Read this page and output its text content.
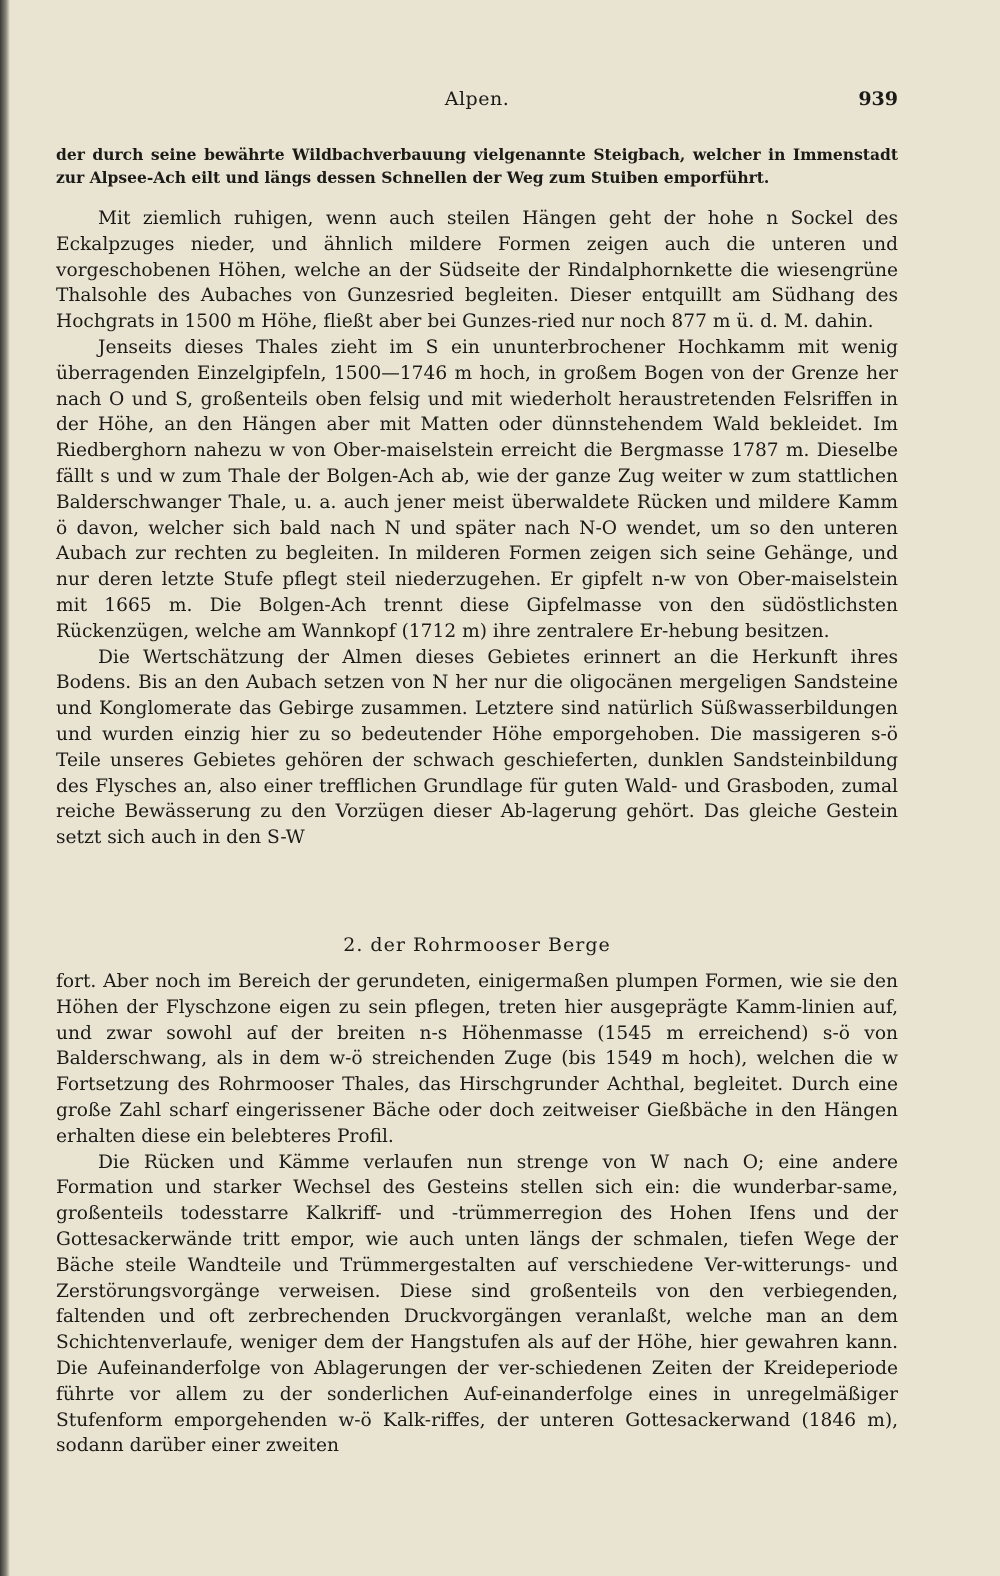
Alpen.	939
der durch seine bewährte Wildbachverbauung vielgenannte Steigbach, welcher in Immenstadt zur Alpsee-Ach eilt und längs dessen Schnellen der Weg zum Stuiben emporführt.

Mit ziemlich ruhigen, wenn auch steilen Hängen geht der hohe n Sockel des Eckalpzuges nieder, und ähnlich mildere Formen zeigen auch die unteren und vorgeschobenen Höhen, welche an der Südseite der Rindalphornkette die wiesengrüne Thalsohle des Aubaches von Gunzesried begleiten. Dieser entquillt am Südhang des Hochgrats in 1500 m Höhe, fließt aber bei Gunzes-ried nur noch 877 m ü. d. M. dahin.

Jenseits dieses Thales zieht im S ein ununterbrochener Hochkamm mit wenig überragenden Einzelgipfeln, 1500—1746 m hoch, in großem Bogen von der Grenze her nach O und S, großenteils oben felsig und mit wiederholt heraustretenden Felsriffen in der Höhe, an den Hängen aber mit Matten oder dünnstehendem Wald bekleidet. Im Riedberghorn nahezu w von Ober-maiselstein erreicht die Bergmasse 1787 m. Dieselbe fällt s und w zum Thale der Bolgen-Ach ab, wie der ganze Zug weiter w zum stattlichen Balderschwanger Thale, u. a. auch jener meist überwaldete Rücken und mildere Kamm ö davon, welcher sich bald nach N und später nach N-O wendet, um so den unteren Aubach zur rechten zu begleiten. In milderen Formen zeigen sich seine Gehänge, und nur deren letzte Stufe pflegt steil niederzugehen. Er gipfelt n-w von Ober-maiselstein mit 1665 m. Die Bolgen-Ach trennt diese Gipfelmasse von den südöstlichsten Rückenzügen, welche am Wannkopf (1712 m) ihre zentralere Er-hebung besitzen.

Die Wertschätzung der Almen dieses Gebietes erinnert an die Herkunft ihres Bodens. Bis an den Aubach setzen von N her nur die oligocänen mergeligen Sandsteine und Konglomerate das Gebirge zusammen. Letztere sind natürlich Süßwasserbildungen und wurden einzig hier zu so bedeutender Höhe emporgehoben. Die massigeren s-ö Teile unseres Gebietes gehören der schwach geschieferten, dunklen Sandsteinbildung des Flysches an, also einer trefflichen Grundlage für guten Wald- und Grasboden, zumal reiche Bewässerung zu den Vorzügen dieser Ab-lagerung gehört. Das gleiche Gestein setzt sich auch in den S-W

2. der Rohrmooser Berge

fort. Aber noch im Bereich der gerundeten, einigermaßen plumpen Formen, wie sie den Höhen der Flyschzone eigen zu sein pflegen, treten hier ausgeprägte Kamm-linien auf, und zwar sowohl auf der breiten n-s Höhenmasse (1545 m erreichend) s-ö von Balderschwang, als in dem w-ö streichenden Zuge (bis 1549 m hoch), welchen die w Fortsetzung des Rohrmooser Thales, das Hirschgrunder Achthal, begleitet. Durch eine große Zahl scharf eingerissener Bäche oder doch zeitweiser Gießbäche in den Hängen erhalten diese ein belebteres Profil.

Die Rücken und Kämme verlaufen nun strenge von W nach O; eine andere Formation und starker Wechsel des Gesteins stellen sich ein: die wunderbar-same, großenteils todesstarre Kalkriff- und -trümmerregion des Hohen Ifens und der Gottesackerwände tritt empor, wie auch unten längs der schmalen, tiefen Wege der Bäche steile Wandteile und Trümmergestalten auf verschiedene Ver-witterungs- und Zerstörungsvorgänge verweisen. Diese sind großenteils von den verbiegenden, faltenden und oft zerbrechenden Druckvorgängen veranlaßt, welche man an dem Schichtenverlaufe, weniger dem der Hangstufen als auf der Höhe, hier gewahren kann. Die Aufeinanderfolge von Ablagerungen der ver-schiedenen Zeiten der Kreideperiode führte vor allem zu der sonderlichen Auf-einanderfolge eines in unregelmäßiger Stufenform emporgehenden w-ö Kalk-riffes, der unteren Gottesackerwand (1846 m), sodann darüber einer zweiten
